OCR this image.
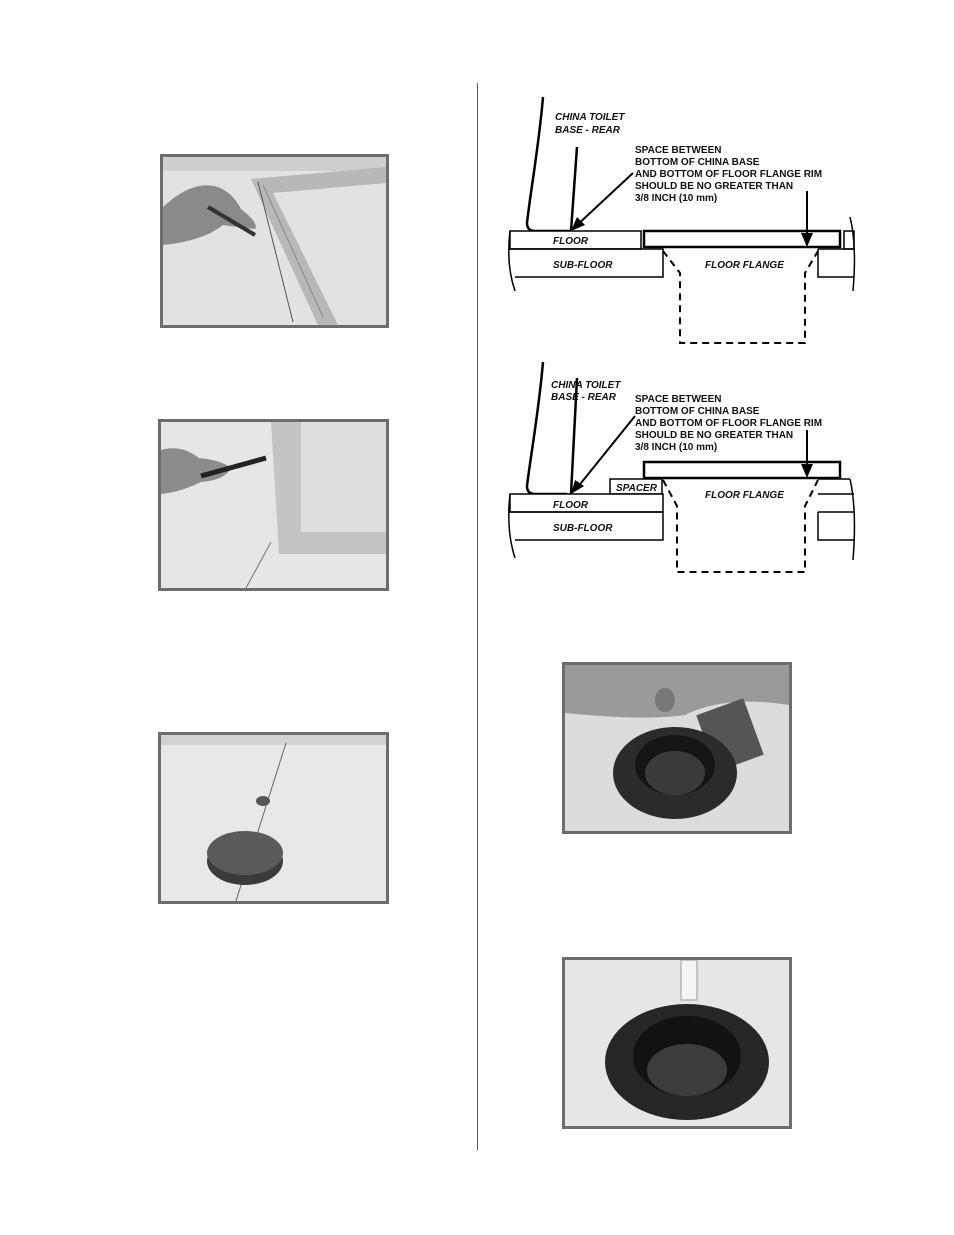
CHINA TOILET
BASE - REAR
SPACE BETWEEN
BOTTOM OF CHINA BASE
AND BOTTOM OF FLOOR FLANGE RIM
SHOULD BE NO GREATER THAN
3/8 INCH (10 mm)
FLOOR
SUB-FLOOR	FLOOR FLANGE
CHINA TOILET
BASE - REAR SPACE BETWEEN
BOTTOM OF CHINA BASE
AND BOTTOM OF FLOOR FLANGE RIM
SHOULD BE NO GREATER THAN
3/8 INCH (10 mm)
SPACER
FLOOR
SUB-FLOOR
FLOOR FLANGE
